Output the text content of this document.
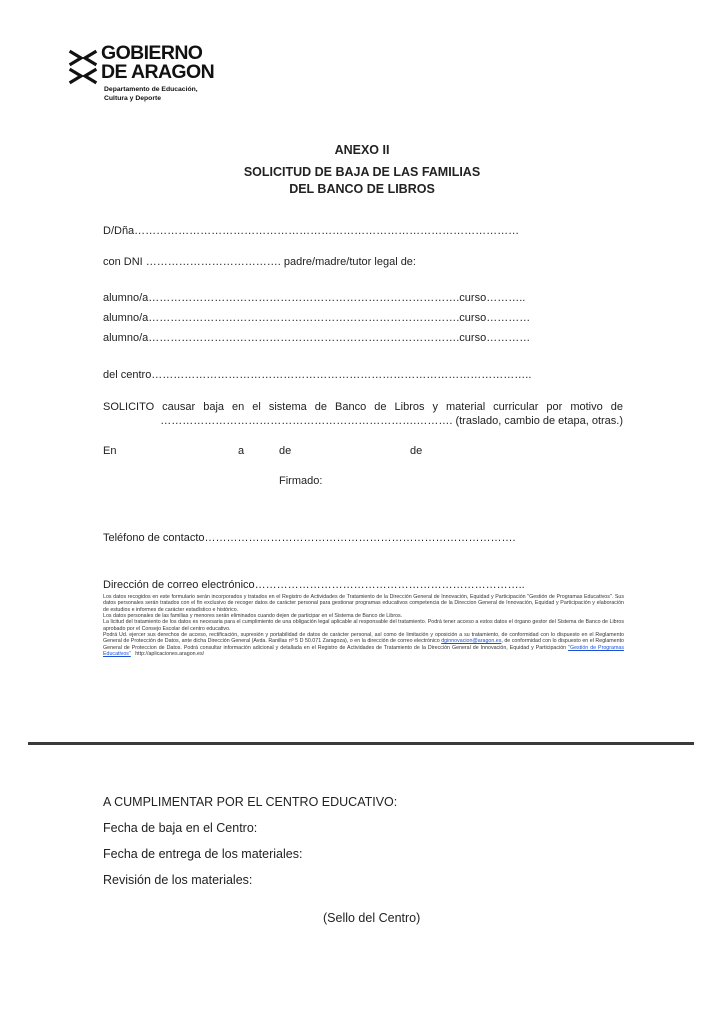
GOBIERNO
DE ARAGON
Departamento de Educación,
Cultura y Deporte
ANEXO II
SOLICITUD DE BAJA DE LAS FAMILIAS
DEL BANCO DE LIBROS
D/Dña……………………………………………………………………………………………
con DNI ………………………………. padre/madre/tutor legal de:
alumno/a………………………………………………………………………….curso………..
alumno/a………………………………………………………………………….curso…………
alumno/a………………………………………………………………………….curso…………
del centro…………………………………………………………………………………………..
SOLICITO causar baja en el sistema de Banco de Libros y material curricular por motivo de
…………………………………………………………….………. (traslado, cambio de etapa, otras.)
En	a	de	de
Firmado:
Teléfono de contacto………………………………………………………………………….
Dirección de correo electrónico………………………………………………………………..
Los datos recogidos en este formulario serán incorporados y tratados en el Registro de Actividades de Tratamiento de la Dirección General de Innovación, Equidad y Participación "Gestión de Programas Educativos". Sus datos personales serán tratados con el fin exclusivo de recoger datos de carácter personal para gestionar programas educativos competencia de la Direccion General de Innovación, Equidad y Participación y elaboración de estudios e informes de carácter estadístico e histórico.
Los datos personales de las familias y menores serán eliminados cuando dejen de participar en el Sistema de Banco de Libros.
La licitud del tratamiento de los datos es necesaria para el cumplimiento de una obligación legal aplicable al responsable del tratamiento. Podrá tener acceso a estos datos el órgano gestor del Sistema de Banco de Libros aprobado por el Consejo Escolar del centro educativo.
Podrá Ud. ejercer sus derechos de acceso, rectificación, supresión y portabilidad de datos de carácter personal, así como de limitación y oposición a su tratamiento, de conformidad con lo dispuesto en el Reglamento General de Protección de Datos, ante dicha Dirección General (Avda. Ranillas nº 5 D 50.071 Zaragoza), o en la dirección de correo electrónico dginnovacion@aragon.es, de conformidad con lo dispuesto en el Reglamento General de Proteccion de Datos. Podrá consultar información adicional y detallada en el Registro de Actividades de Tratamiento de la Dirección General de Innovación, Equidad y Participación "Gestión de Programas Educativos" http://aplicaciones.aragon.es/
A CUMPLIMENTAR POR EL CENTRO EDUCATIVO:
Fecha de baja en el Centro:
Fecha de entrega de los materiales:
Revisión de los materiales:
(Sello del Centro)
